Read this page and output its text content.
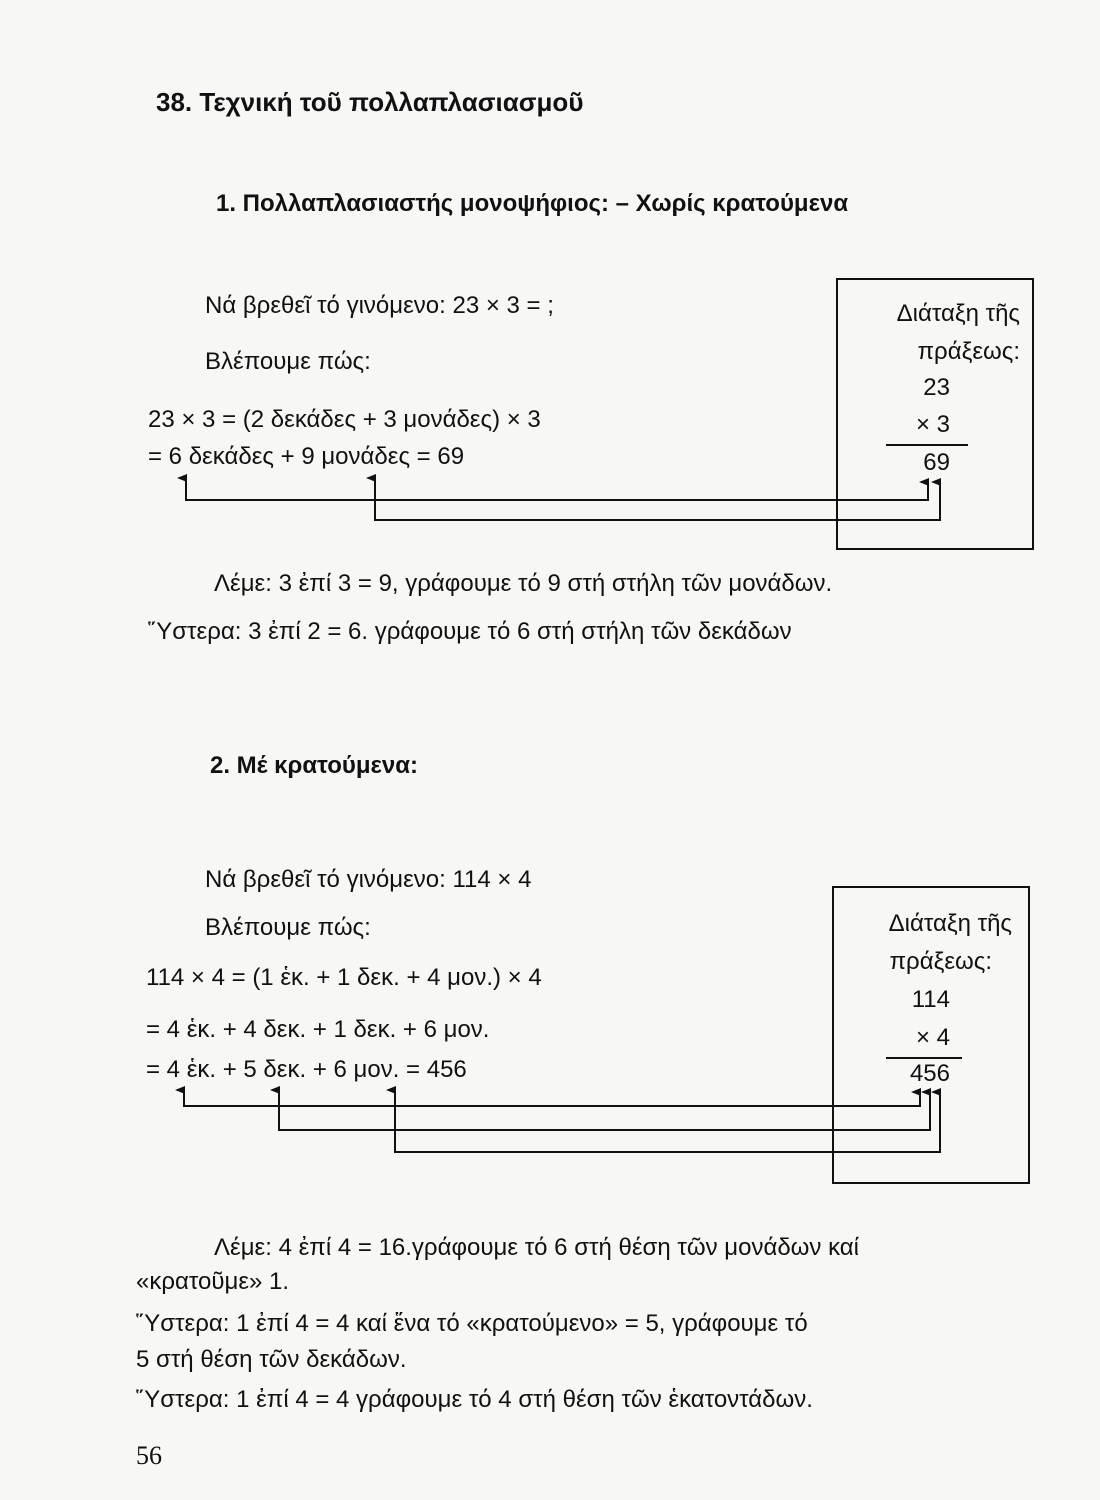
38. Τεχνική τοῦ πολλαπλασιασμοῦ
1. Πολλαπλασιαστής μονοψήφιος: – Χωρίς κρατούμενα
Νά βρεθεῖ τό γινόμενο: 23 × 3 = ;
Βλέπουμε πώς:
23 × 3 = (2 δεκάδες + 3 μονάδες) × 3
= 6 δεκάδες + 9 μονάδες = 69
Διάταξη τῆς
πράξεως:
23
× 3
69
Λέμε: 3 ἐπί 3 = 9, γράφουμε τό 9 στή στήλη τῶν μονάδων.
Ὕστερα: 3 ἐπί 2 = 6. γράφουμε τό 6 στή στήλη τῶν δεκάδων
2. Μέ κρατούμενα:
Νά βρεθεῖ τό γινόμενο: 114 × 4
Βλέπουμε πώς:
114 × 4 = (1 ἑκ. + 1 δεκ. + 4 μον.) × 4
= 4 ἑκ. + 4 δεκ. + 1 δεκ. + 6 μον.
= 4 ἑκ. + 5 δεκ. + 6 μον. = 456
Διάταξη τῆς
πράξεως:
114
× 4
456
Λέμε: 4 ἐπί 4 = 16.γράφουμε τό 6 στή θέση τῶν μονάδων καί
«κρατοῦμε» 1.
Ὕστερα: 1 ἐπί 4 = 4 καί ἕνα τό «κρατούμενο» = 5, γράφουμε τό
5 στή θέση τῶν δεκάδων.
Ὕστερα: 1 ἐπί 4 = 4 γράφουμε τό 4 στή θέση τῶν ἑκατοντάδων.
56
